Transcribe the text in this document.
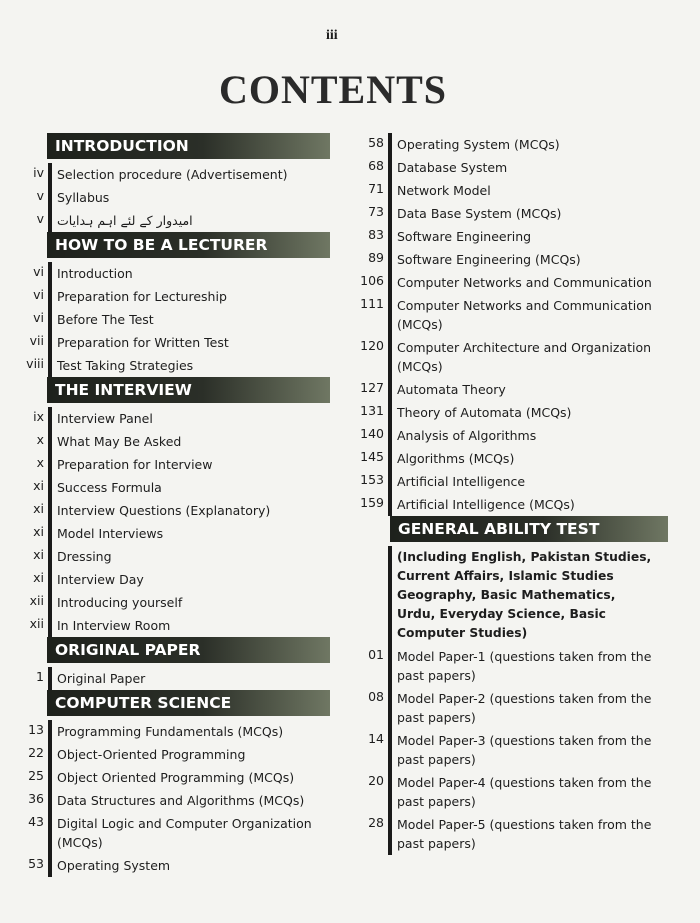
iii
CONTENTS
INTRODUCTION
iv	Selection procedure (Advertisement)
v	Syllabus
v	امیدوار کے لئے اہم ہدایات
HOW TO BE A LECTURER
vi	Introduction
vi	Preparation for Lectureship
vi	Before The Test
vii	Preparation for Written Test
viii	Test Taking Strategies
THE INTERVIEW
ix	Interview Panel
x	What May Be Asked
x	Preparation for Interview
xi	Success Formula
xi	Interview Questions (Explanatory)
xi	Model Interviews
xi	Dressing
xi	Interview Day
xii	Introducing yourself
xii	In Interview Room
ORIGINAL PAPER
1	Original Paper
COMPUTER SCIENCE
13	Programming Fundamentals (MCQs)
22	Object-Oriented Programming
25	Object Oriented Programming (MCQs)
36	Data Structures and Algorithms (MCQs)
43	Digital Logic and Computer Organization (MCQs)
53	Operating System
58	Operating System (MCQs)
68	Database System
71	Network Model
73	Data Base System (MCQs)
83	Software Engineering
89	Software Engineering (MCQs)
106	Computer Networks and Communication
111	Computer Networks and Communication (MCQs)
120	Computer Architecture and Organization (MCQs)
127	Automata Theory
131	Theory of Automata (MCQs)
140	Analysis of Algorithms
145	Algorithms (MCQs)
153	Artificial Intelligence
159	Artificial Intelligence (MCQs)
GENERAL ABILITY TEST
(Including English, Pakistan Studies, Current Affairs, Islamic Studies Geography, Basic Mathematics, Urdu, Everyday Science, Basic Computer Studies)
01	Model Paper-1 (questions taken from the past papers)
08	Model Paper-2 (questions taken from the past papers)
14	Model Paper-3 (questions taken from the past papers)
20	Model Paper-4 (questions taken from the past papers)
28	Model Paper-5 (questions taken from the past papers)
